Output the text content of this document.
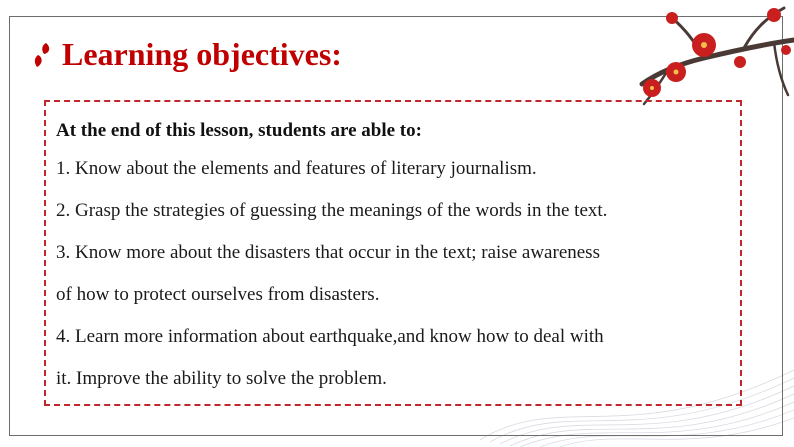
Learning objectives:
At the end of this lesson, students are able to:
1. Know about the elements and features of literary journalism.
2. Grasp the strategies of guessing the meanings of the words in the text.
3. Know more about the disasters that occur in the text; raise awareness
of how to protect ourselves from disasters.
4. Learn more information about earthquake,and know how to deal with
it. Improve the ability to solve the problem.
